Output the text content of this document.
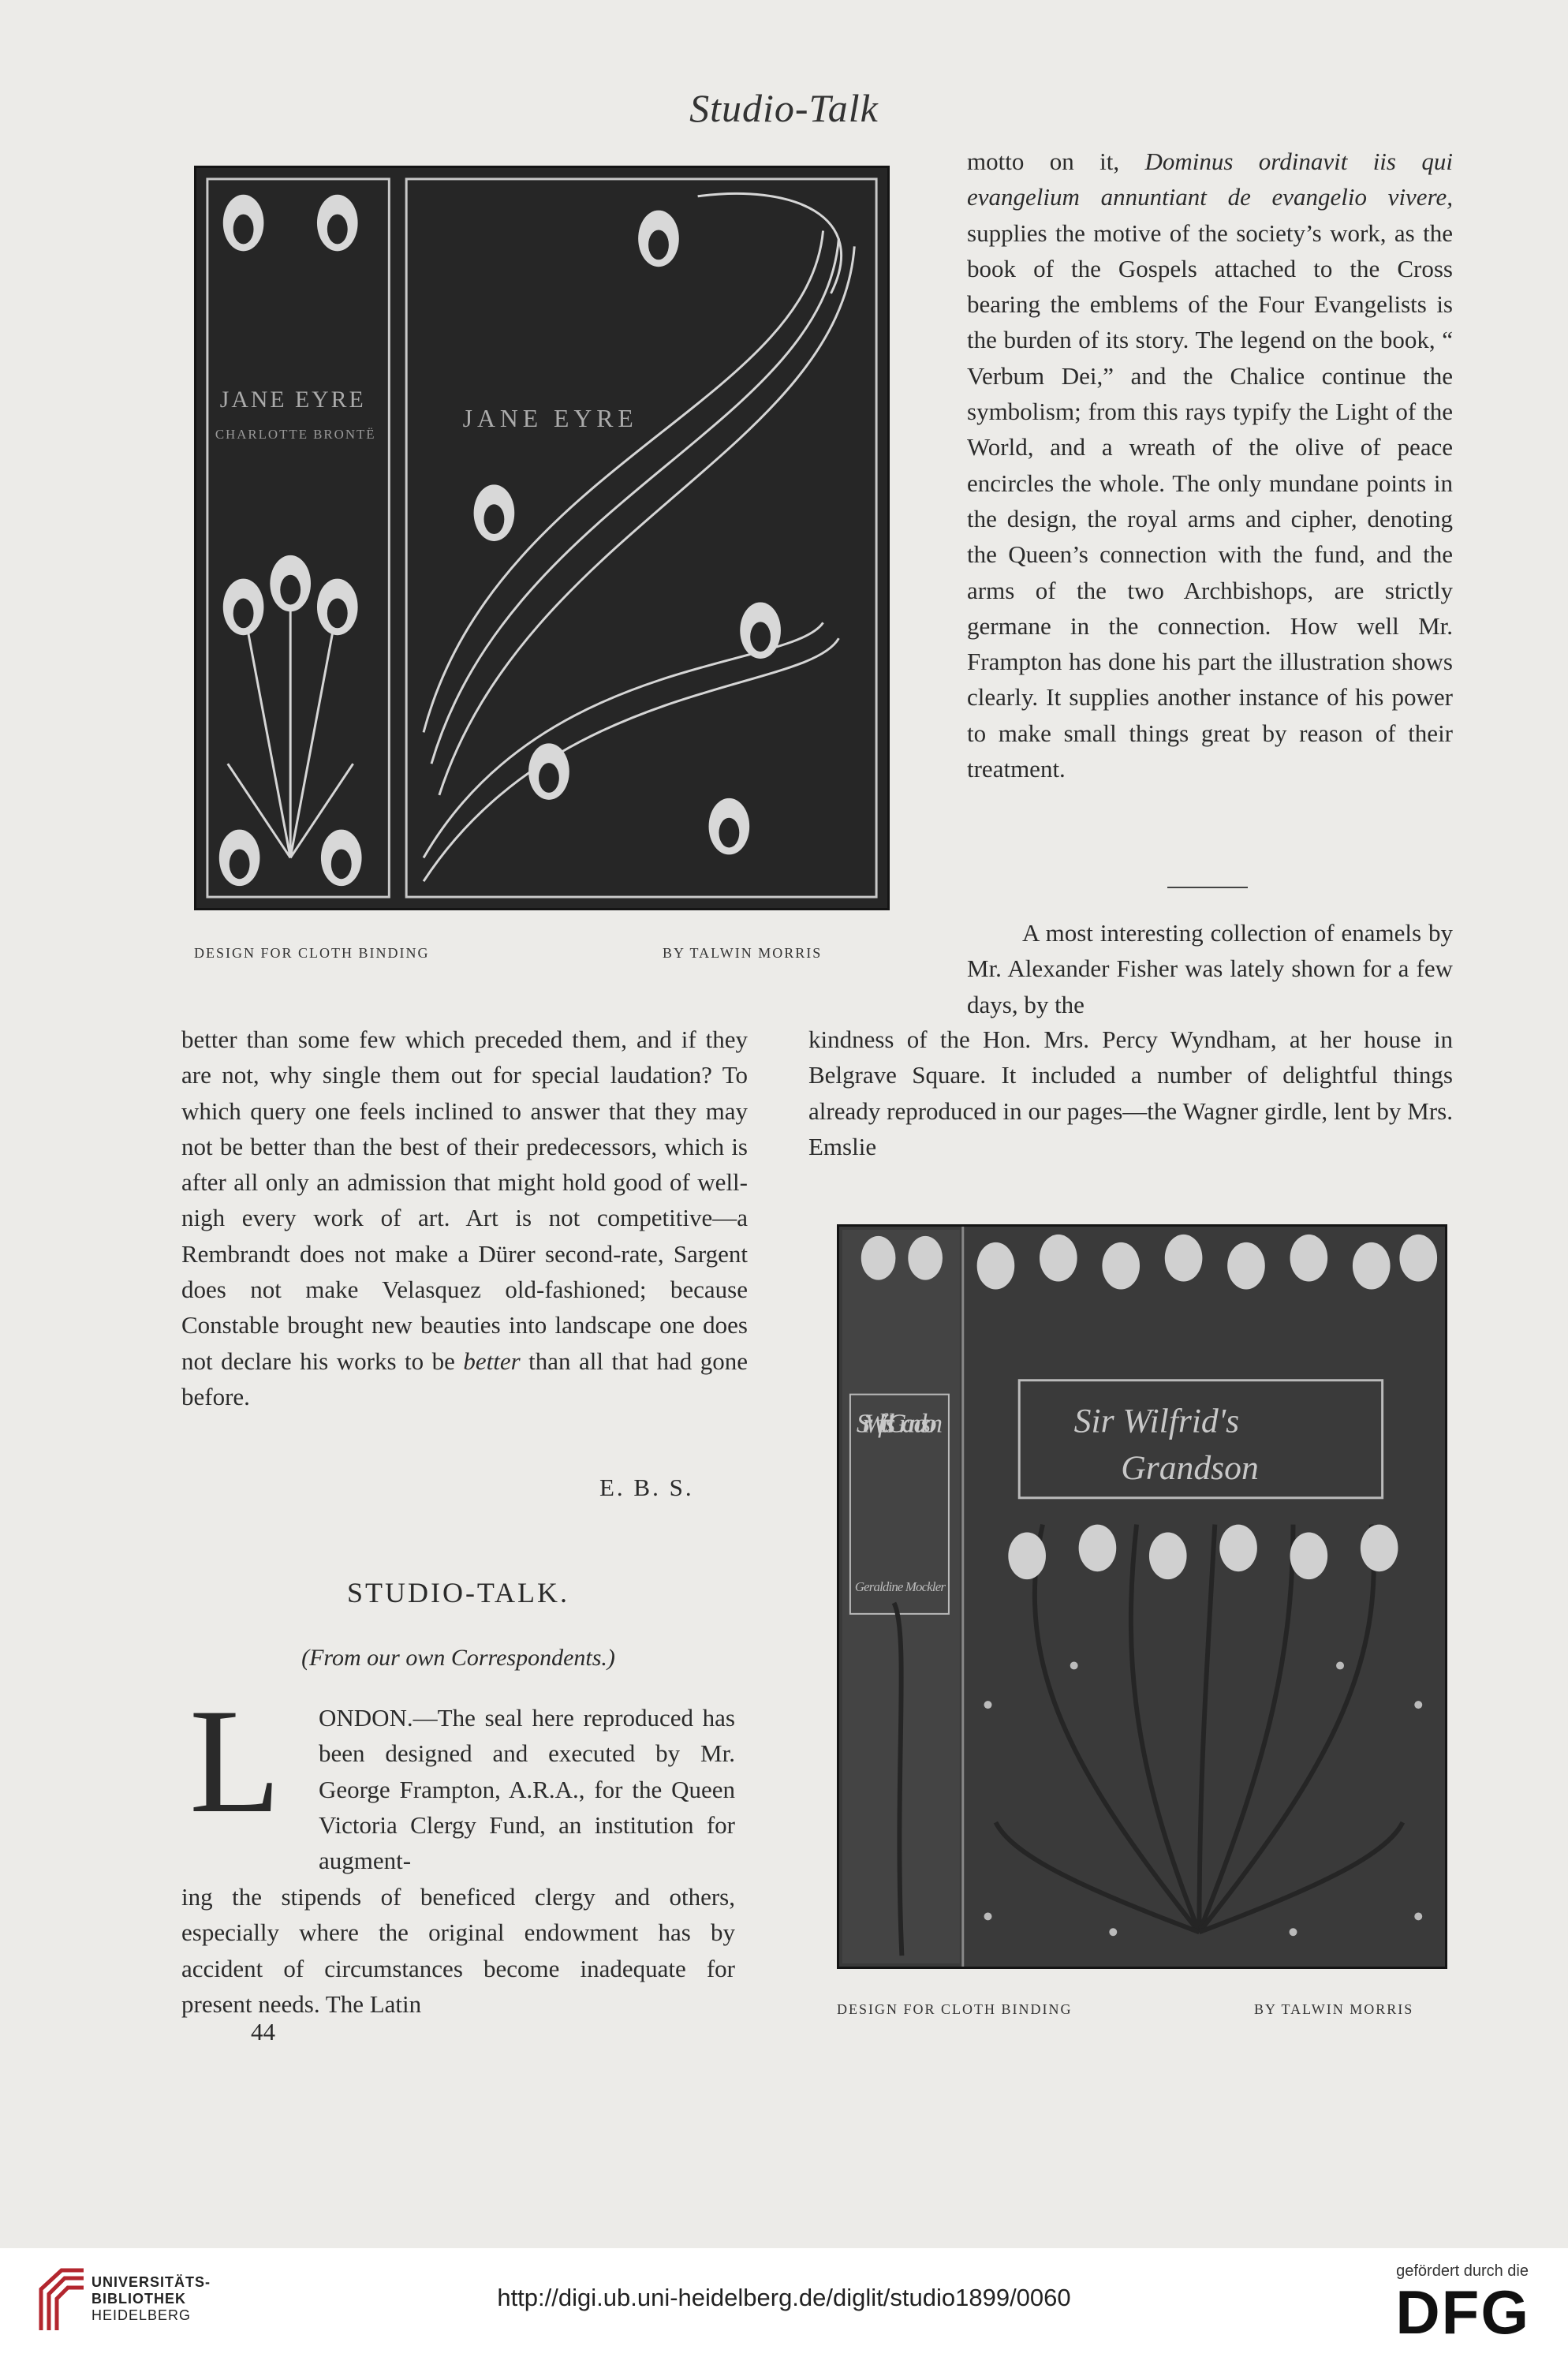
Studio-Talk
JANE EYRE
CHARLOTTE BRONTË
JANE EYRE
DESIGN FOR CLOTH BINDING	BY TALWIN MORRIS

motto on it, Dominus ordinavit iis qui evangelium annuntiant de evangelio vivere, supplies the motive of the society’s work, as the book of the Gospels attached to the Cross bearing the emblems of the Four Evangelists is the burden of its story. The legend on the book, “ Verbum Dei,” and the Chalice continue the symbolism; from this rays typify the Light of the World, and a wreath of the olive of peace encircles the whole. The only mundane points in the design, the royal arms and cipher, denoting the Queen’s connection with the fund, and the arms of the two Archbishops, are strictly germane in the connection. How well Mr. Frampton has done his part the illustration shows clearly. It supplies another instance of his power to make small things great by reason of their treatment.

A most interesting collection of enamels by Mr. Alexander Fisher was lately shown for a few days, by the
kindness of the Hon. Mrs. Percy Wyndham, at her house in Belgrave Square. It included a number of delightful things already reproduced in our pages—the Wagner girdle, lent by Mrs. Emslie

better than some few which preceded them, and if they are not, why single them out for special laudation? To which query one feels inclined to answer that they may not be better than the best of their predecessors, which is after all only an admission that might hold good of well-nigh every work of art. Art is not competitive—a Rembrandt does not make a Dürer second-rate, Sargent does not make Velasquez old-fashioned; because Constable brought new beauties into landscape one does not declare his works to be better than all that had gone before.

E. B. S.
STUDIO-TALK.
(From our own Correspondents.)
L ONDON.—The seal here reproduced has been designed and executed by Mr. George Frampton, A.R.A., for the Queen Victoria Clergy Fund, an institution for augment-
ing the stipends of beneficed clergy and others, especially where the original endowment has by accident of circumstances become inadequate for present needs. The Latin
44
Sir Wilfrid's Grand: son
Geraldine Mockler
Sir Wilfrid's
Grandson
DESIGN FOR CLOTH BINDING	BY TALWIN MORRIS
UNIVERSITÄTS-
BIBLIOTHEK
HEIDELBERG
http://digi.ub.uni-heidelberg.de/diglit/studio1899/0060
gefördert durch die
DFG
